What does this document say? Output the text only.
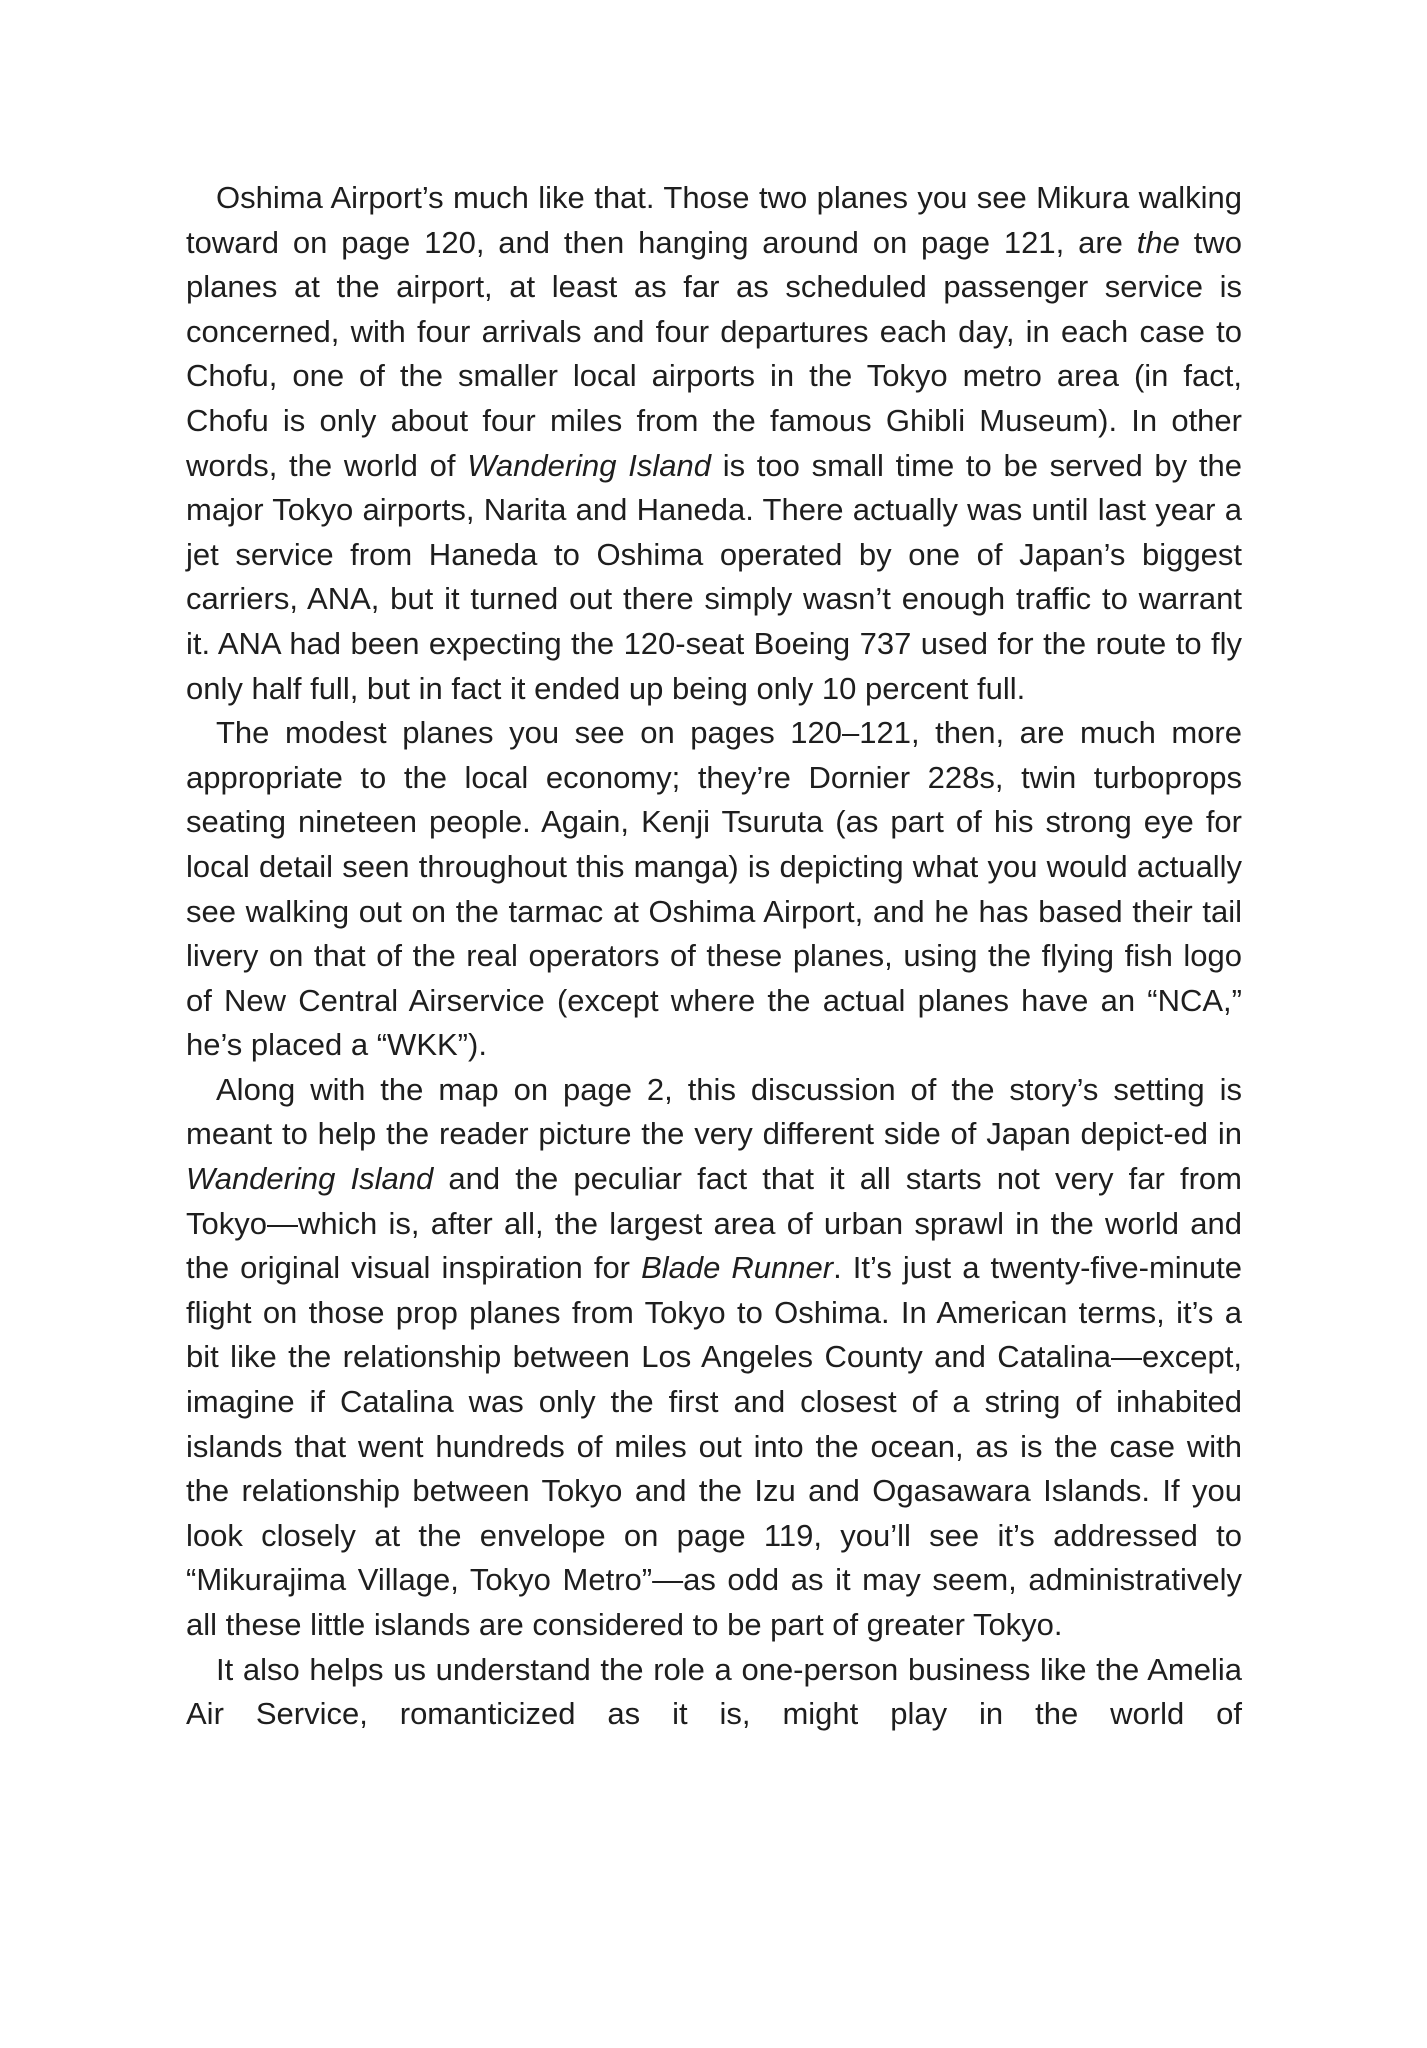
Oshima Airport’s much like that. Those two planes you see Mikura walking toward on page 120, and then hanging around on page 121, are the two planes at the airport, at least as far as scheduled passenger service is concerned, with four arrivals and four departures each day, in each case to Chofu, one of the smaller local airports in the Tokyo metro area (in fact, Chofu is only about four miles from the famous Ghibli Museum). In other words, the world of Wandering Island is too small time to be served by the major Tokyo airports, Narita and Haneda. There actually was until last year a jet service from Haneda to Oshima operated by one of Japan’s biggest carriers, ANA, but it turned out there simply wasn’t enough traffic to warrant it. ANA had been expecting the 120-seat Boeing 737 used for the route to fly only half full, but in fact it ended up being only 10 percent full.

The modest planes you see on pages 120–121, then, are much more appropriate to the local economy; they’re Dornier 228s, twin turboprops seating nineteen people. Again, Kenji Tsuruta (as part of his strong eye for local detail seen throughout this manga) is depicting what you would actually see walking out on the tarmac at Oshima Airport, and he has based their tail livery on that of the real operators of these planes, using the flying fish logo of New Central Airservice (except where the actual planes have an “NCA,” he’s placed a “WKK”).

Along with the map on page 2, this discussion of the story’s setting is meant to help the reader picture the very different side of Japan depict-ed in Wandering Island and the peculiar fact that it all starts not very far from Tokyo—which is, after all, the largest area of urban sprawl in the world and the original visual inspiration for Blade Runner. It’s just a twenty-five-minute flight on those prop planes from Tokyo to Oshima. In American terms, it’s a bit like the relationship between Los Angeles County and Catalina—except, imagine if Catalina was only the first and closest of a string of inhabited islands that went hundreds of miles out into the ocean, as is the case with the relationship between Tokyo and the Izu and Ogasawara Islands. If you look closely at the envelope on page 119, you’ll see it’s addressed to “Mikurajima Village, Tokyo Metro”—as odd as it may seem, administratively all these little islands are considered to be part of greater Tokyo.

It also helps us understand the role a one-person business like the Amelia Air Service, romanticized as it is, might play in the world of
